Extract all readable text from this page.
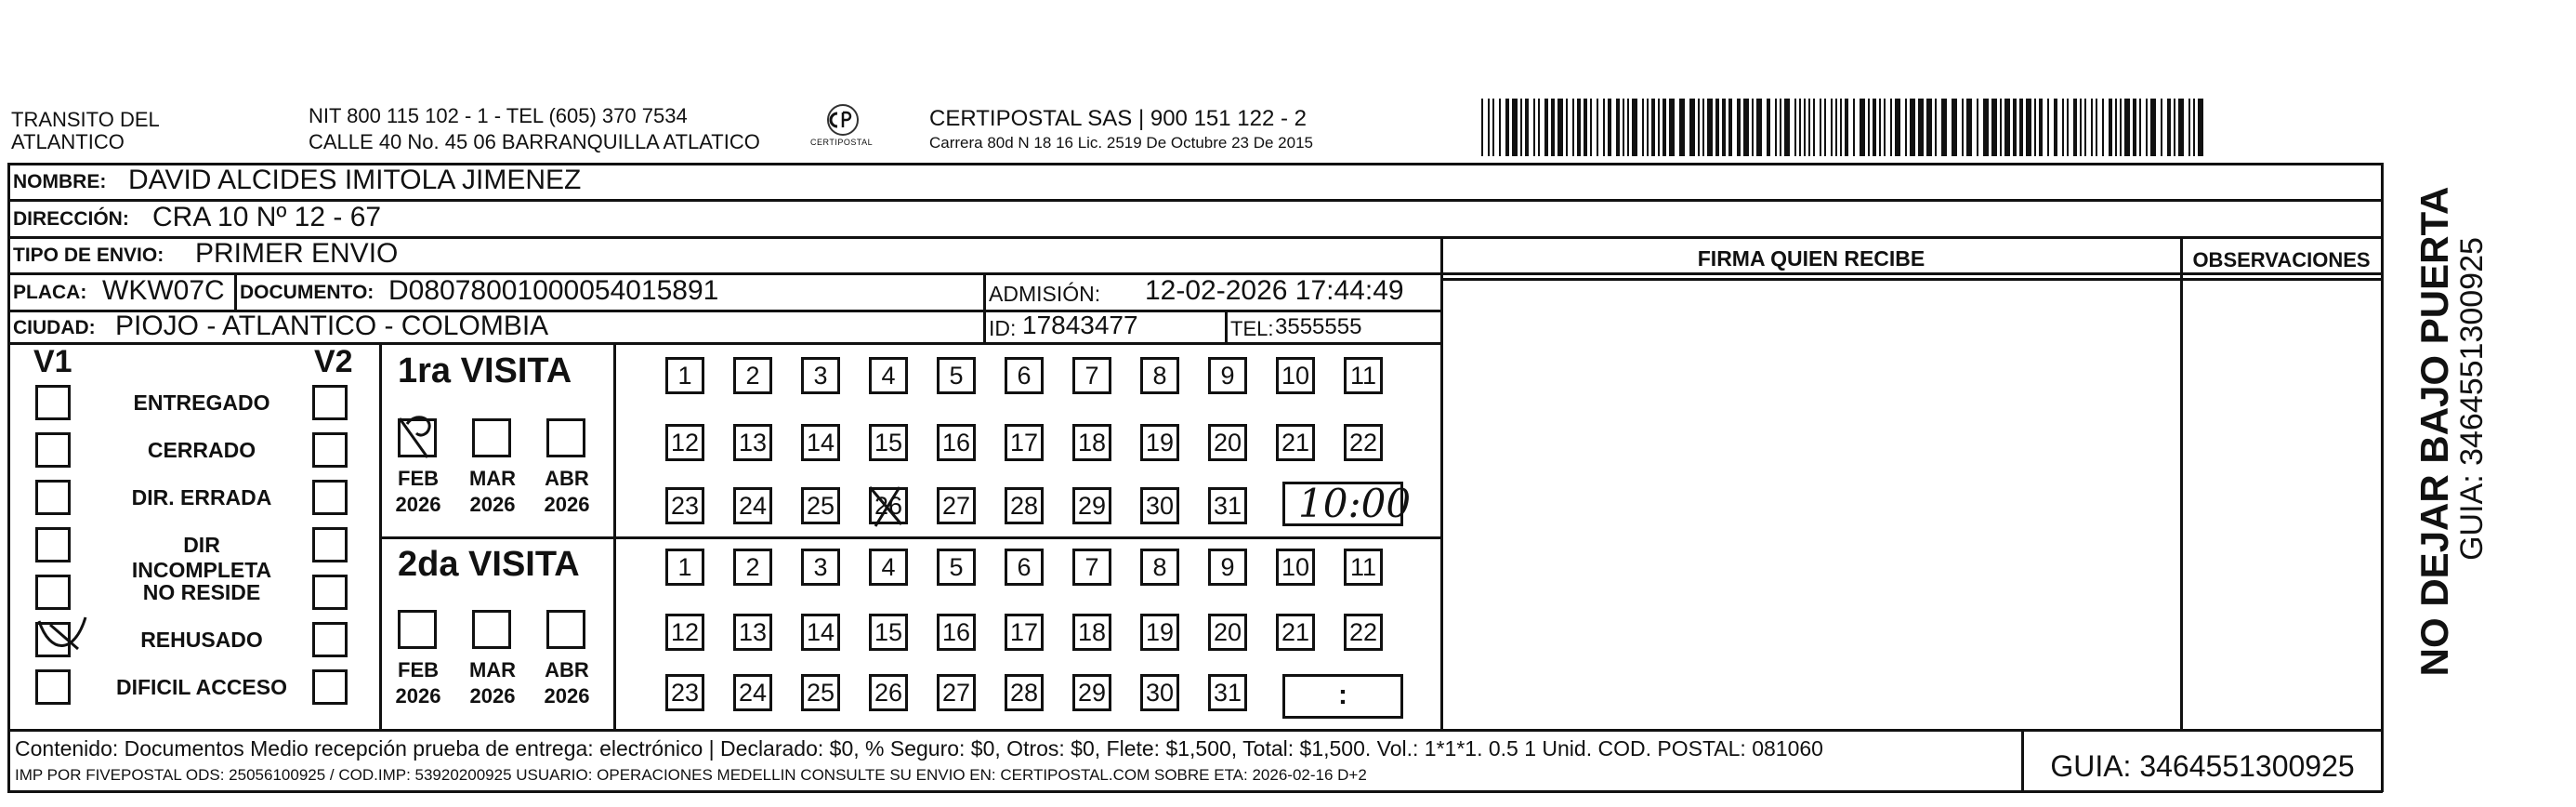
TRANSITO DEL
ATLANTICO
NIT 800 115 102 - 1 - TEL (605) 370 7534
CALLE 40 No. 45 06 BARRANQUILLA ATLATICO	CERTIPOSTAL
CERTIPOSTAL SAS | 900 151 122 - 2
Carrera 80d N 18 16 Lic. 2519 De Octubre 23 De 2015
NOMBRE: DAVID ALCIDES IMITOLA JIMENEZ
DIRECCIÓN: CRA 10 Nº 12 - 67
TIPO DE ENVIO: PRIMER ENVIO
PLACA: WKW07C DOCUMENTO: D08078001000054015891	ADMISIÓN: 12-02-2026 17:44:49
CIUDAD: PIOJO - ATLANTICO - COLOMBIA	ID: 17843477	TEL: 3555555
FIRMA QUIEN RECIBE	OBSERVACIONES
V1	V2
ENTREGADO
CERRADO
DIR. ERRADA
DIR INCOMPLETA
NO RESIDE
REHUSADO
DIFICIL ACCESO
1ra VISITA
2da VISITA
FEB
2026
MAR
2026
ABR
2026
FEB
2026
MAR
2026
ABR
2026
1	2	3	4	5	6	7	8	9	10 11
12 13 14 15 16 17 18 19 20 21 22
23 24 25 26 27 28 29 30 31
1	2	3	4	5	6	7	8	9	10 11
12 13 14 15 16 17 18 19 20 21 22
23 24 25 26 27 28 29 30 31
10:00
:
Contenido: Documentos Medio recepción prueba de entrega: electrónico | Declarado: $0, % Seguro: $0, Otros: $0, Flete: $1,500, Total: $1,500. Vol.: 1*1*1. 0.5 1 Unid. COD. POSTAL: 081060
IMP POR FIVEPOSTAL ODS: 25056100925 / COD.IMP: 53920200925 USUARIO: OPERACIONES MEDELLIN CONSULTE SU ENVIO EN: CERTIPOSTAL.COM SOBRE ETA: 2026-02-16 D+2	GUIA: 3464551300925
NO DEJAR BAJO PUERTA
GUIA: 3464551300925
